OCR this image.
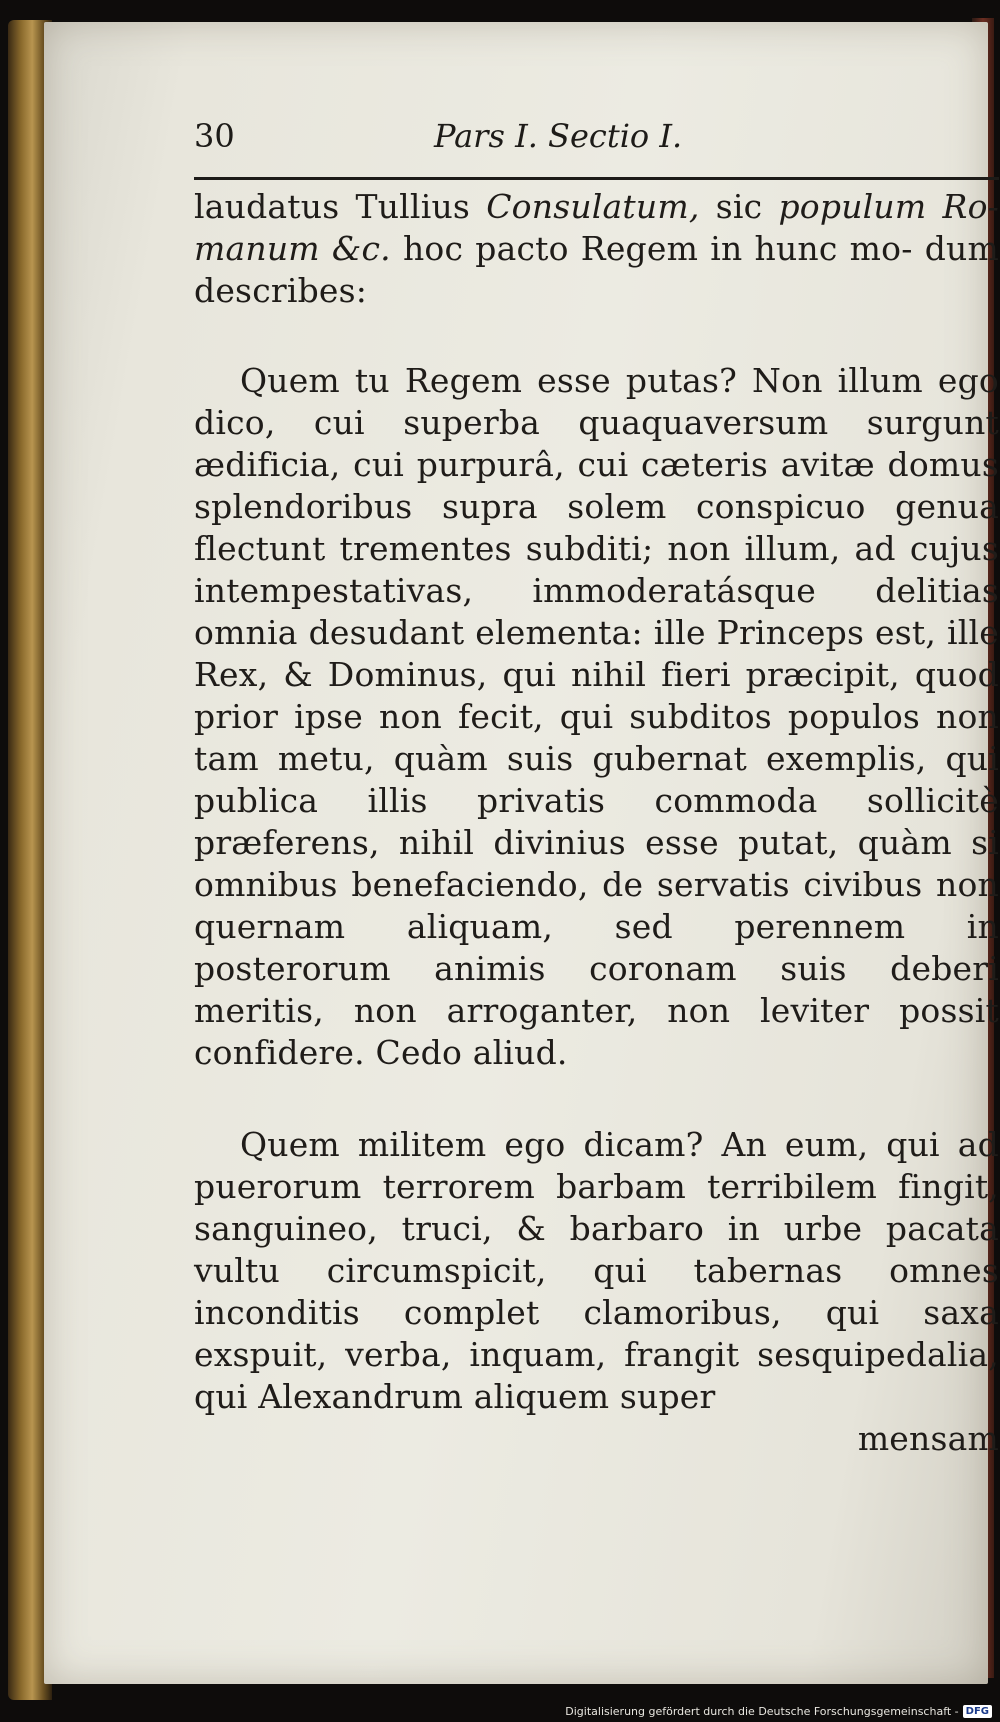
30	Pars I. Sectio I.

laudatus Tullius Consulatum, sic populum Ro- manum &c. hoc pacto Regem in hunc mo- dum describes:

Quem tu Regem esse putas? Non illum ego dico, cui superba quaquaversum surgunt ædificia, cui purpurâ, cui cæteris avitæ domus splendoribus supra solem conspicuo genua flectunt trementes subditi; non illum, ad cujus intempestativas, immoderatásque delitias omnia desudant elementa: ille Princeps est, ille Rex, & Dominus, qui nihil fieri præcipit, quod prior ipse non fecit, qui subditos populos non tam metu, quàm suis gubernat exemplis, qui publica illis privatis commoda sollicitè præferens, nihil divinius esse putat, quàm si omnibus benefaciendo, de servatis civibus non quernam aliquam, sed perennem in posterorum animis coronam suis deberi meritis, non arroganter, non leviter possit confidere. Cedo aliud.

Quem militem ego dicam? An eum, qui ad puerorum terrorem barbam terribilem fingit, sanguineo, truci, & barbaro in urbe pacata vultu circumspicit, qui tabernas omnes inconditis complet clamoribus, qui saxa exspuit, verba, inquam, frangit sesquipedalia, qui Alexandrum aliquem super

mensam

Digitalisierung gefördert durch die Deutsche Forschungsgemeinschaft - DFG
